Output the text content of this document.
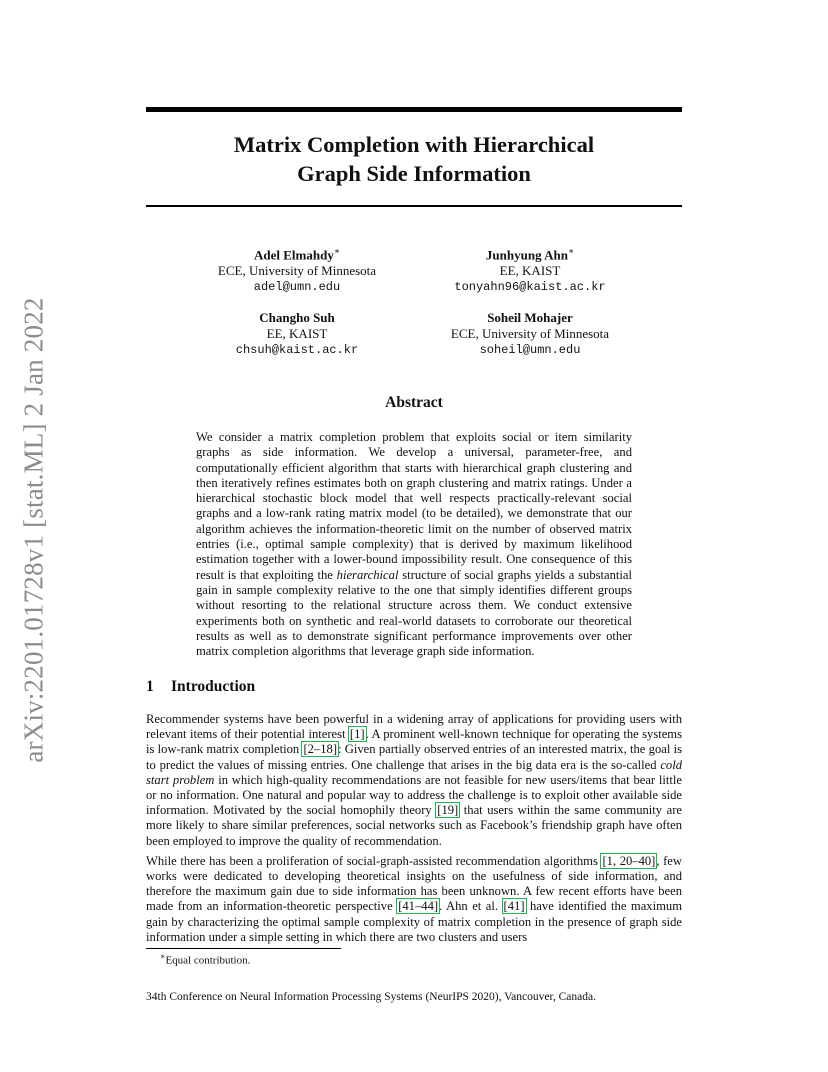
arXiv:2201.01728v1 [stat.ML] 2 Jan 2022
Matrix Completion with Hierarchical
Graph Side Information
Adel Elmahdy∗
ECE, University of Minnesota
adel@umn.edu
Junhyung Ahn∗
EE, KAIST
tonyahn96@kaist.ac.kr
Changho Suh
EE, KAIST
chsuh@kaist.ac.kr
Soheil Mohajer
ECE, University of Minnesota
soheil@umn.edu
Abstract
We consider a matrix completion problem that exploits social or item similarity graphs as side information. We develop a universal, parameter-free, and computationally efficient algorithm that starts with hierarchical graph clustering and then iteratively refines estimates both on graph clustering and matrix ratings. Under a hierarchical stochastic block model that well respects practically-relevant social graphs and a low-rank rating matrix model (to be detailed), we demonstrate that our algorithm achieves the information-theoretic limit on the number of observed matrix entries (i.e., optimal sample complexity) that is derived by maximum likelihood estimation together with a lower-bound impossibility result. One consequence of this result is that exploiting the hierarchical structure of social graphs yields a substantial gain in sample complexity relative to the one that simply identifies different groups without resorting to the relational structure across them. We conduct extensive experiments both on synthetic and real-world datasets to corroborate our theoretical results as well as to demonstrate significant performance improvements over other matrix completion algorithms that leverage graph side information.
1 Introduction

Recommender systems have been powerful in a widening array of applications for providing users with relevant items of their potential interest [1]. A prominent well-known technique for operating the systems is low-rank matrix completion [2–18]: Given partially observed entries of an interested matrix, the goal is to predict the values of missing entries. One challenge that arises in the big data era is the so-called cold start problem in which high-quality recommendations are not feasible for new users/items that bear little or no information. One natural and popular way to address the challenge is to exploit other available side information. Motivated by the social homophily theory [19] that users within the same community are more likely to share similar preferences, social networks such as Facebook’s friendship graph have often been employed to improve the quality of recommendation.

While there has been a proliferation of social-graph-assisted recommendation algorithms [1, 20–40], few works were dedicated to developing theoretical insights on the usefulness of side information, and therefore the maximum gain due to side information has been unknown. A few recent efforts have been made from an information-theoretic perspective [41–44]. Ahn et al. [41] have identified the maximum gain by characterizing the optimal sample complexity of matrix completion in the presence of graph side information under a simple setting in which there are two clusters and users

∗Equal contribution.
34th Conference on Neural Information Processing Systems (NeurIPS 2020), Vancouver, Canada.
